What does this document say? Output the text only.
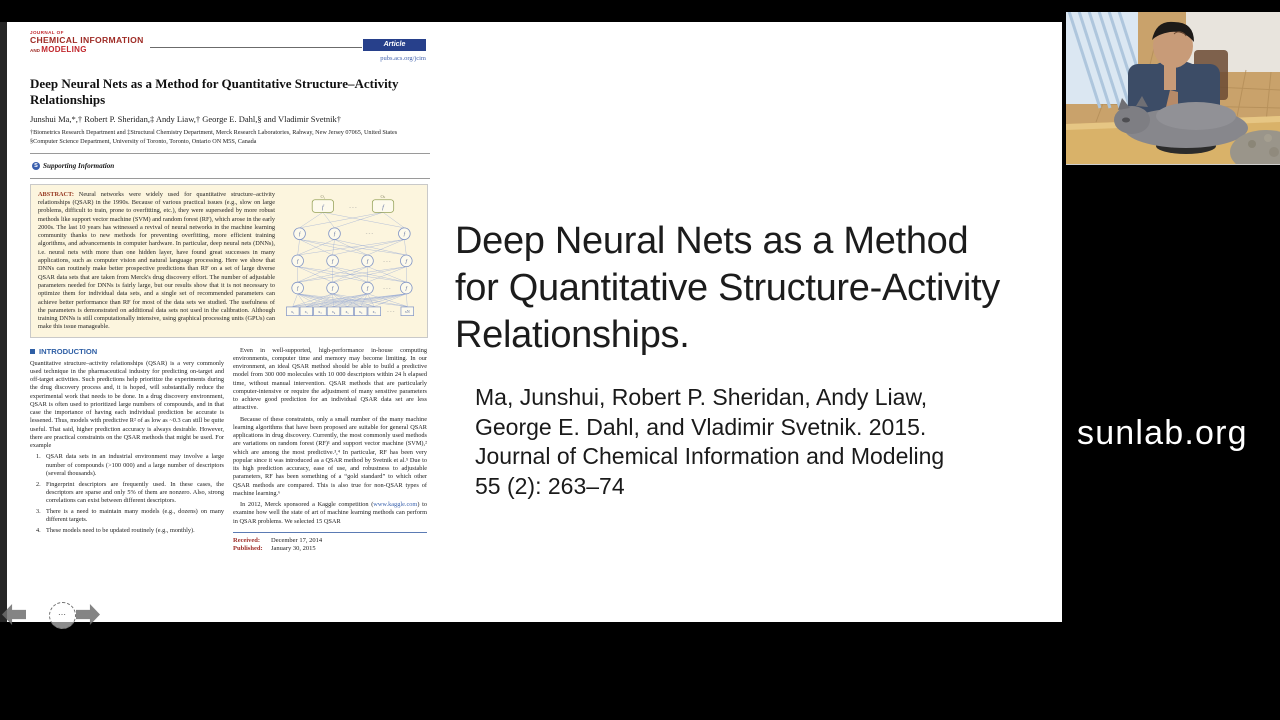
JOURNAL OF
CHEMICAL INFORMATION
AND MODELING
Article
pubs.acs.org/jcim
Deep Neural Nets as a Method for Quantitative Structure–Activity Relationships
Junshui Ma,*,† Robert P. Sheridan,‡ Andy Liaw,† George E. Dahl,§ and Vladimir Svetnik†
†Biometrics Research Department and ‡Structural Chemistry Department, Merck Research Laboratories, Rahway, New Jersey 07065, United States
§Computer Science Department, University of Toronto, Toronto, Ontario ON M5S, Canada
S Supporting Information
f
O₁
f
Oₖ
- - -
f	f	f
- - -
f	f	f	f
- - -
f	f	f	f
- - -
x₁	x₂	x₃	x₄	x₅	x₆	x₇	xN
- - -

ABSTRACT: Neural networks were widely used for quantitative structure–activity relationships (QSAR) in the 1990s. Because of various practical issues (e.g., slow on large problems, difficult to train, prone to overfitting, etc.), they were superseded by more robust methods like support vector machine (SVM) and random forest (RF), which arose in the early 2000s. The last 10 years has witnessed a revival of neural networks in the machine learning community thanks to new methods for preventing overfitting, more efficient training algorithms, and advancements in computer hardware. In particular, deep neural nets (DNNs), i.e. neural nets with more than one hidden layer, have found great successes in many applications, such as computer vision and natural language processing. Here we show that DNNs can routinely make better prospective predictions than RF on a set of large diverse QSAR data sets that are taken from Merck's drug discovery effort. The number of adjustable parameters needed for DNNs is fairly large, but our results show that it is not necessary to optimize them for individual data sets, and a single set of recommended parameters can achieve better performance than RF for most of the data sets we studied. The usefulness of the parameters is demonstrated on additional data sets not used in the calibration. Although training DNNs is still computationally intensive, using graphical processing units (GPUs) can make this issue manageable.

INTRODUCTION

Quantitative structure–activity relationships (QSAR) is a very commonly used technique in the pharmaceutical industry for predicting on-target and off-target activities. Such predictions help prioritize the experiments during the drug discovery process and, it is hoped, will substantially reduce the experimental work that needs to be done. In a drug discovery environment, QSAR is often used to prioritized large numbers of compounds, and in that case the importance of having each individual prediction be accurate is lessened. Thus, models with predictive R² of as low as ~0.3 can still be quite useful. That said, higher prediction accuracy is always desirable. However, there are practical constraints on the QSAR methods that might be used. For example

1. QSAR data sets in an industrial environment may involve a large number of compounds (>100 000) and a large number of descriptors (several thousands).
2. Fingerprint descriptors are frequently used. In these cases, the descriptors are sparse and only 5% of them are nonzero. Also, strong correlations can exist between different descriptors.
3. There is a need to maintain many models (e.g., dozens) on many different targets.
4. These models need to be updated routinely (e.g., monthly).

Even in well-supported, high-performance in-house computing environments, computer time and memory may become limiting. In our environment, an ideal QSAR method should be able to build a predictive model from 300 000 molecules with 10 000 descriptors within 24 h elapsed time, without manual intervention. QSAR methods that are particularly computer-intensive or require the adjustment of many sensitive parameters to achieve good prediction for an individual QSAR data set are less attractive.

Because of these constraints, only a small number of the many machine learning algorithms that have been proposed are suitable for general QSAR applications in drug discovery. Currently, the most commonly used methods are variations on random forest (RF)¹ and support vector machine (SVM),² which are among the most predictive.³,⁴ In particular, RF has been very popular since it was introduced as a QSAR method by Svetnik et al.⁵ Due to its high prediction accuracy, ease of use, and robustness to adjustable parameters, RF has been something of a “gold standard” to which other QSAR methods are compared. This is also true for non-QSAR types of machine learning.⁶

In 2012, Merck sponsored a Kaggle competition (www.kaggle.com) to examine how well the state of art of machine learning methods can perform in QSAR problems. We selected 15 QSAR

Received:	December 17, 2014
Published:	January 30, 2015
Deep Neural Nets as a Method
for Quantitative Structure-Activity
Relationships.
Ma, Junshui, Robert P. Sheridan, Andy Liaw,
George E. Dahl, and Vladimir Svetnik. 2015.
Journal of Chemical Information and Modeling
55 (2): 263–74
sunlab.org
⋯
